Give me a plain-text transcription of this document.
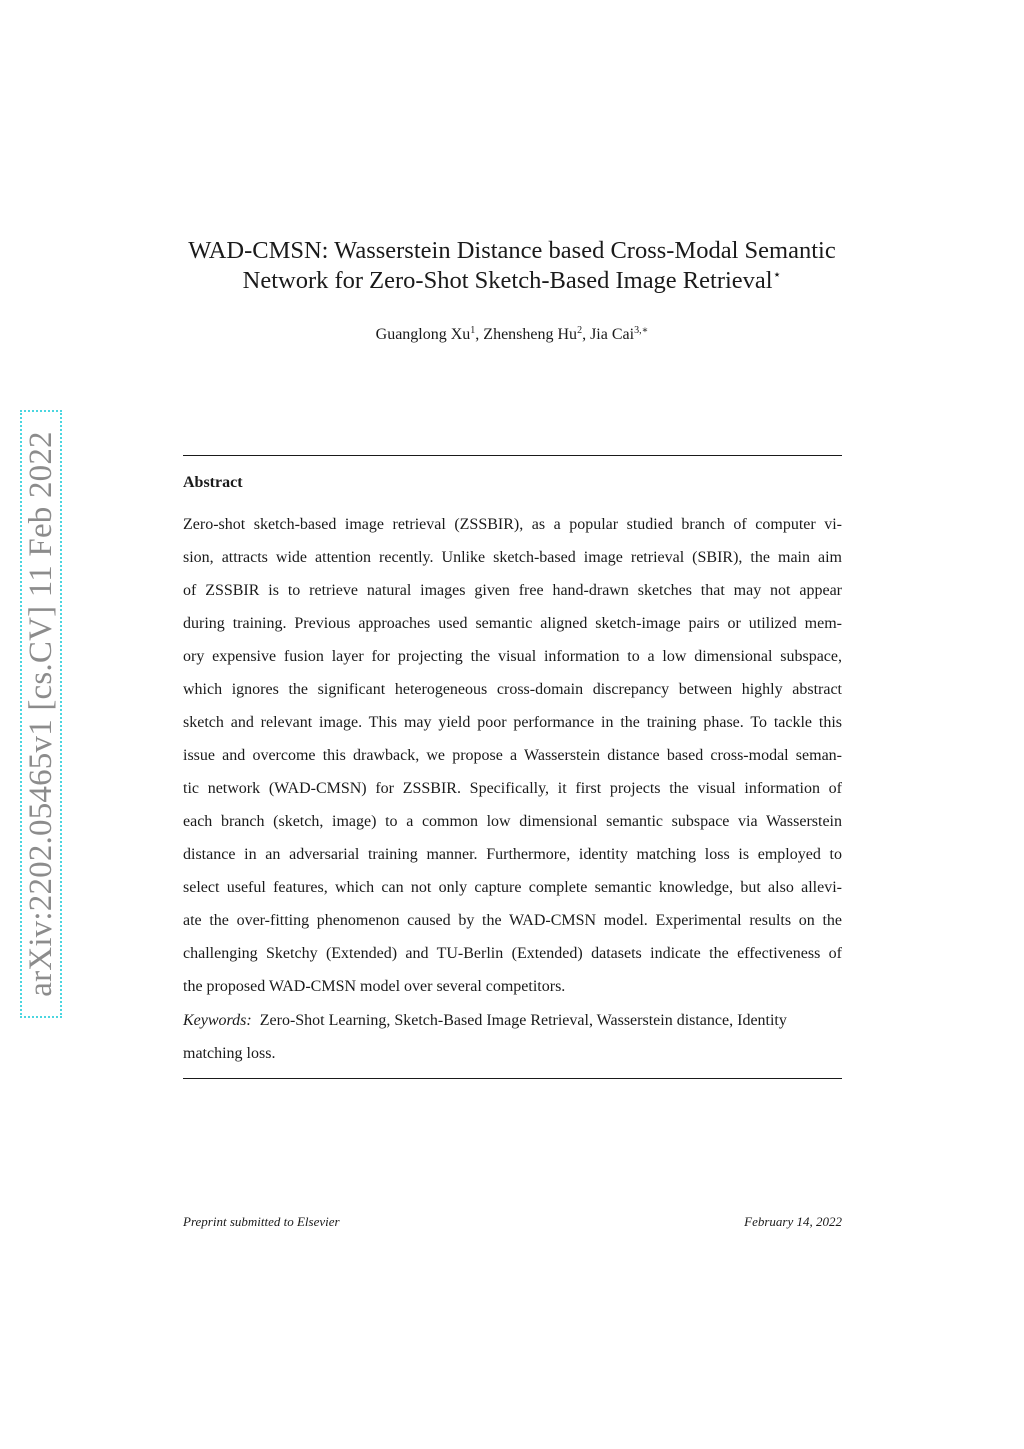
arXiv:2202.05465v1 [cs.CV] 11 Feb 2022
WAD-CMSN: Wasserstein Distance based Cross-Modal Semantic
Network for Zero-Shot Sketch-Based Image Retrieval⋆
Guanglong Xu$^1$, Zhensheng Hu$^2$, Jia Cai$^{3,∗}$
Abstract

Zero-shot sketch-based image retrieval (ZSSBIR), as a popular studied branch of computer vi-
sion, attracts wide attention recently. Unlike sketch-based image retrieval (SBIR), the main aim
of ZSSBIR is to retrieve natural images given free hand-drawn sketches that may not appear
during training. Previous approaches used semantic aligned sketch-image pairs or utilized mem-
ory expensive fusion layer for projecting the visual information to a low dimensional subspace,
which ignores the significant heterogeneous cross-domain discrepancy between highly abstract
sketch and relevant image. This may yield poor performance in the training phase. To tackle this
issue and overcome this drawback, we propose a Wasserstein distance based cross-modal seman-
tic network (WAD-CMSN) for ZSSBIR. Specifically, it first projects the visual information of
each branch (sketch, image) to a common low dimensional semantic subspace via Wasserstein
distance in an adversarial training manner. Furthermore, identity matching loss is employed to
select useful features, which can not only capture complete semantic knowledge, but also allevi-
ate the over-fitting phenomenon caused by the WAD-CMSN model. Experimental results on the
challenging Sketchy (Extended) and TU-Berlin (Extended) datasets indicate the effectiveness of
the proposed WAD-CMSN model over several competitors.

Keywords: Zero-Shot Learning, Sketch-Based Image Retrieval, Wasserstein distance, Identity
matching loss.
Preprint submitted to Elsevier	February 14, 2022
